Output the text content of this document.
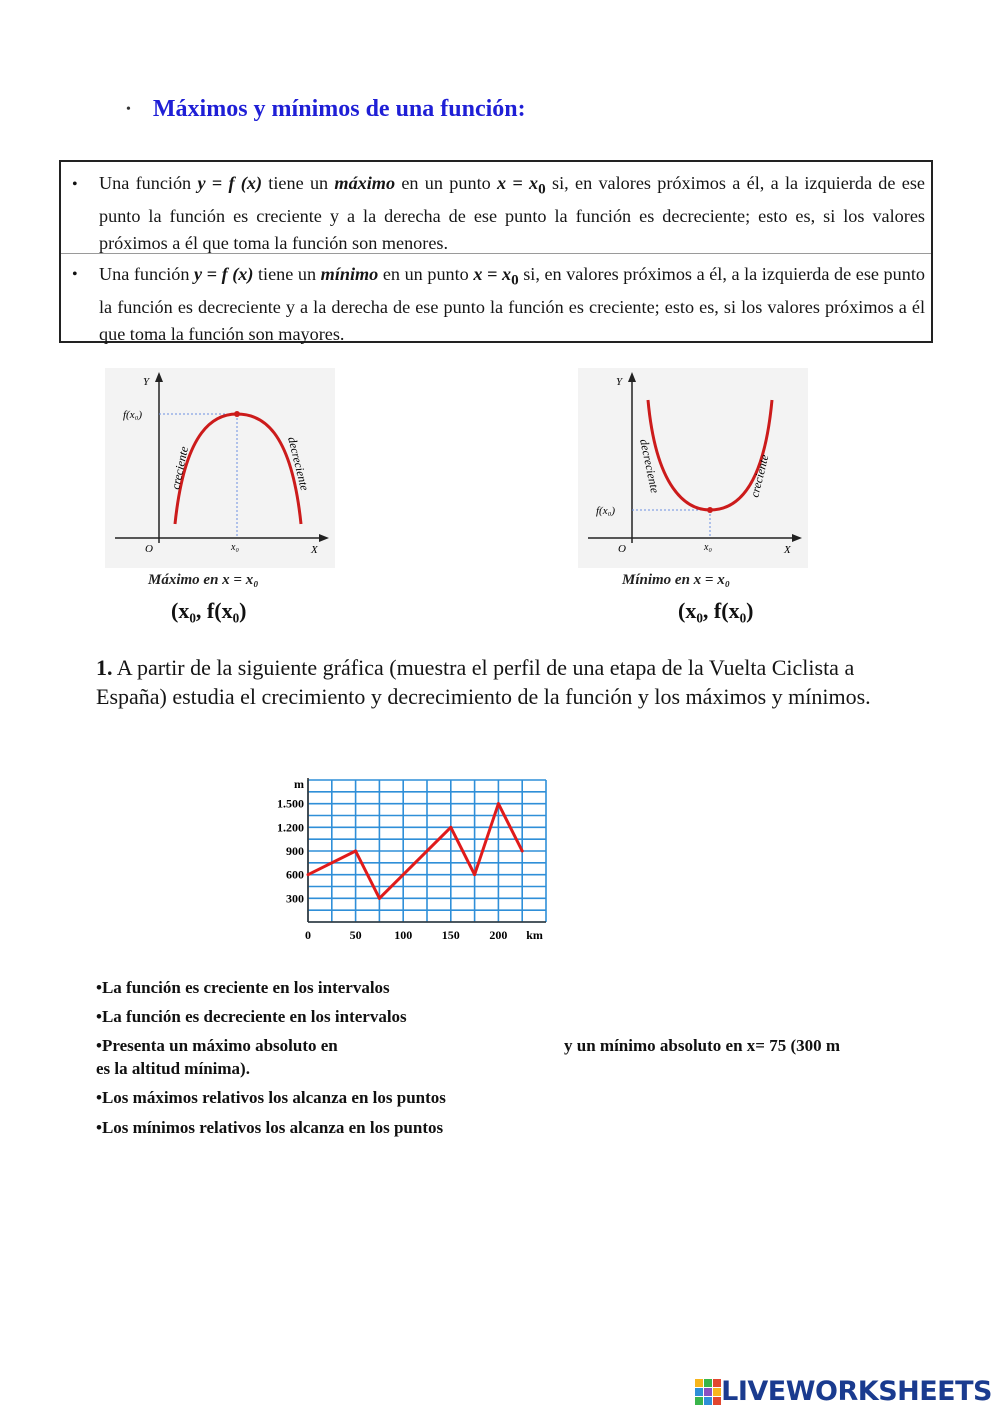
• Máximos y mínimos de una función:
• Una función y = f (x) tiene un máximo en un punto $x = x_0$ si, en valores próximos a él, a la izquierda de ese punto la función es creciente y a la derecha de ese punto la función es decreciente; esto es, si los valores próximos a él que toma la función son menores.
• Una función y = f (x) tiene un mínimo en un punto $x = x_0$ si, en valores próximos a él, a la izquierda de ese punto la función es decreciente y a la derecha de ese punto la función es creciente; esto es, si los valores próximos a él que toma la función son mayores.
Y
X
O
f(x₀)
x₀
creciente	decreciente
Máximo en x = x₀
(x₀, f(x₀)
Y
X
O
f(x₀)
x₀
decreciente	creciente
Mínimo en x = x₀
(x₀, f(x₀)
1. A partir de la siguiente gráfica (muestra el perfil de una etapa de la Vuelta Ciclista a España) estudia el crecimiento y decrecimiento de la función y los máximos y mínimos.
300
600
900
1.200
1.500
m
0	50	100 150 200 km
•La función es creciente en los intervalos
•La función es decreciente en los intervalos
•Presenta un máximo absoluto en	y un mínimo absoluto en x= 75 (300 m
es la altitud mínima).
•Los máximos relativos los alcanza en los puntos
•Los mínimos relativos los alcanza en los puntos
LIVEWORKSHEETS
